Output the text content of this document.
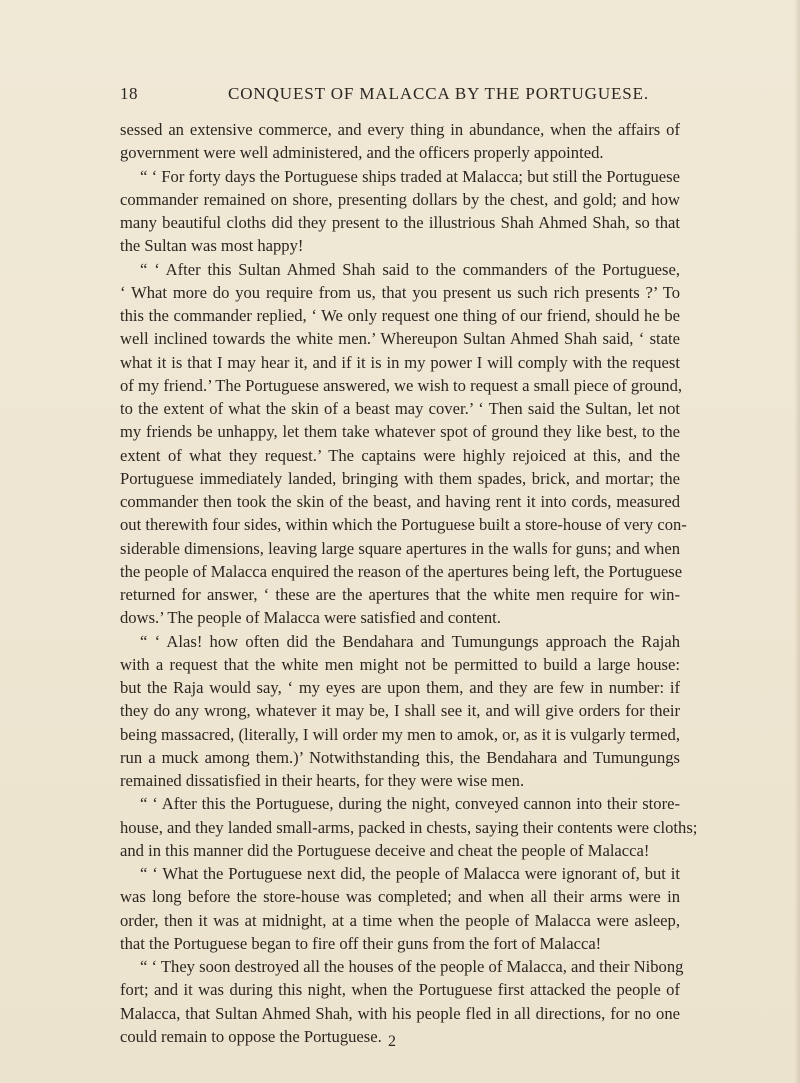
18	CONQUEST OF MALACCA BY THE PORTUGUESE.
sessed an extensive commerce, and every thing in abundance, when the affairs of
government were well administered, and the officers properly appointed.
“ ‘ For forty days the Portuguese ships traded at Malacca; but still the Portuguese
commander remained on shore, presenting dollars by the chest, and gold; and how
many beautiful cloths did they present to the illustrious Shah Ahmed Shah, so that
the Sultan was most happy!
“ ‘ After this Sultan Ahmed Shah said to the commanders of the Portuguese,
‘ What more do you require from us, that you present us such rich presents ?’ To
this the commander replied, ‘ We only request one thing of our friend, should he be
well inclined towards the white men.’ Whereupon Sultan Ahmed Shah said, ‘ state
what it is that I may hear it, and if it is in my power I will comply with the request
of my friend.’ The Portuguese answered, we wish to request a small piece of ground,
to the extent of what the skin of a beast may cover.’ ‘ Then said the Sultan, let not
my friends be unhappy, let them take whatever spot of ground they like best, to the
extent of what they request.’ The captains were highly rejoiced at this, and the
Portuguese immediately landed, bringing with them spades, brick, and mortar; the
commander then took the skin of the beast, and having rent it into cords, measured
out therewith four sides, within which the Portuguese built a store-house of very con-
siderable dimensions, leaving large square apertures in the walls for guns; and when
the people of Malacca enquired the reason of the apertures being left, the Portuguese
returned for answer, ‘ these are the apertures that the white men require for win-
dows.’ The people of Malacca were satisfied and content.
“ ‘ Alas! how often did the Bendahara and Tumungungs approach the Rajah
with a request that the white men might not be permitted to build a large house:
but the Raja would say, ‘ my eyes are upon them, and they are few in number: if
they do any wrong, whatever it may be, I shall see it, and will give orders for their
being massacred, (literally, I will order my men to amok, or, as it is vulgarly termed,
run a muck among them.)’ Notwithstanding this, the Bendahara and Tumungungs
remained dissatisfied in their hearts, for they were wise men.
“ ‘ After this the Portuguese, during the night, conveyed cannon into their store-
house, and they landed small-arms, packed in chests, saying their contents were cloths;
and in this manner did the Portuguese deceive and cheat the people of Malacca!
“ ‘ What the Portuguese next did, the people of Malacca were ignorant of, but it
was long before the store-house was completed; and when all their arms were in
order, then it was at midnight, at a time when the people of Malacca were asleep,
that the Portuguese began to fire off their guns from the fort of Malacca!
“ ‘ They soon destroyed all the houses of the people of Malacca, and their Nibong
fort; and it was during this night, when the Portuguese first attacked the people of
Malacca, that Sultan Ahmed Shah, with his people fled in all directions, for no one
could remain to oppose the Portuguese. 2
